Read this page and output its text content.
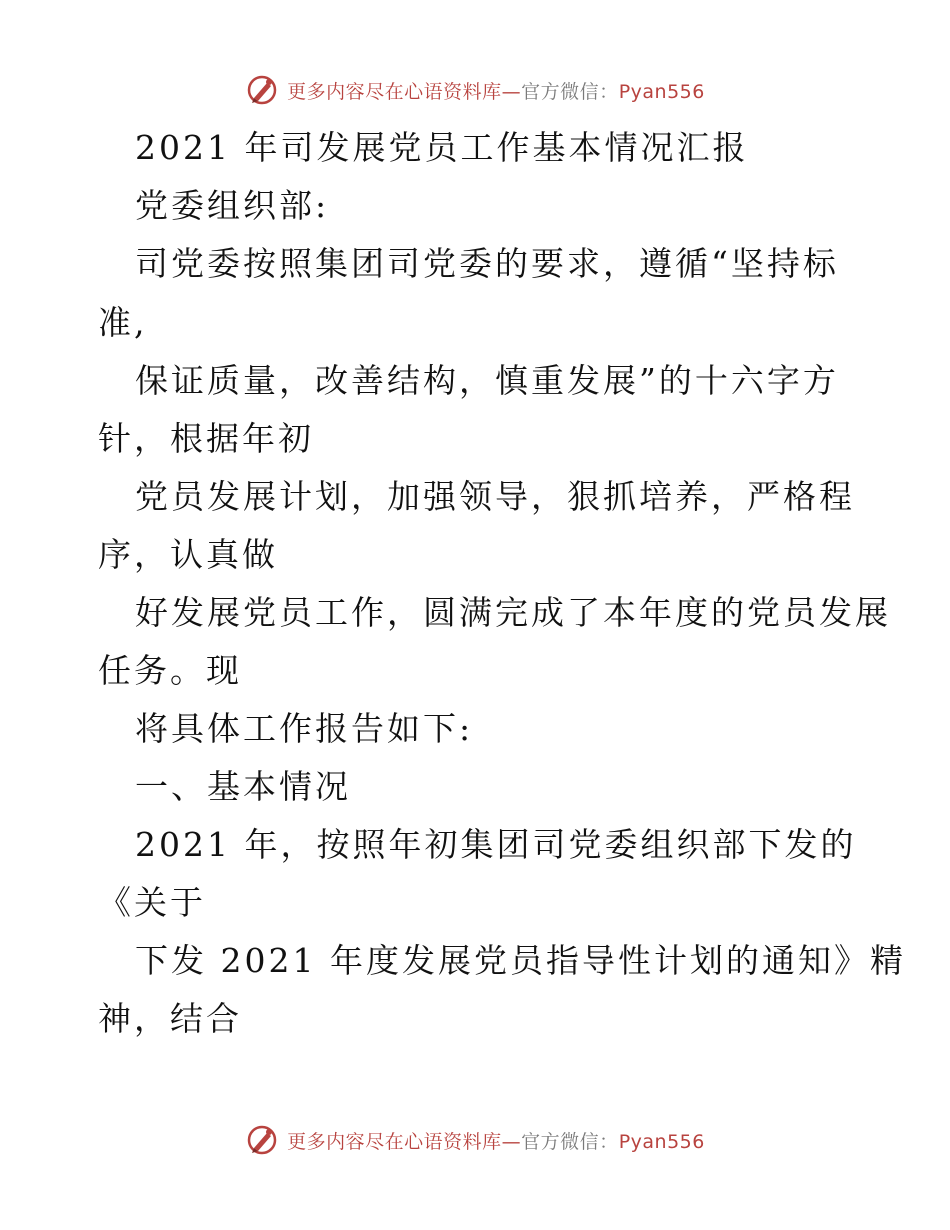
更多内容尽在心语资料库—官方微信：Pyan556
2021 年司发展党员工作基本情况汇报
党委组织部:
司党委按照集团司党委的要求，遵循“坚持标
准,
保证质量，改善结构，慎重发展”的十六字方
针，根据年初
党员发展计划，加强领导，狠抓培养，严格程
序，认真做
好发展党员工作，圆满完成了本年度的党员发展
任务。现
将具体工作报告如下:
一、基本情况
2021 年，按照年初集团司党委组织部下发的
《关于
下发 2021 年度发展党员指导性计划的通知》精
神，结合
更多内容尽在心语资料库—官方微信：Pyan556
